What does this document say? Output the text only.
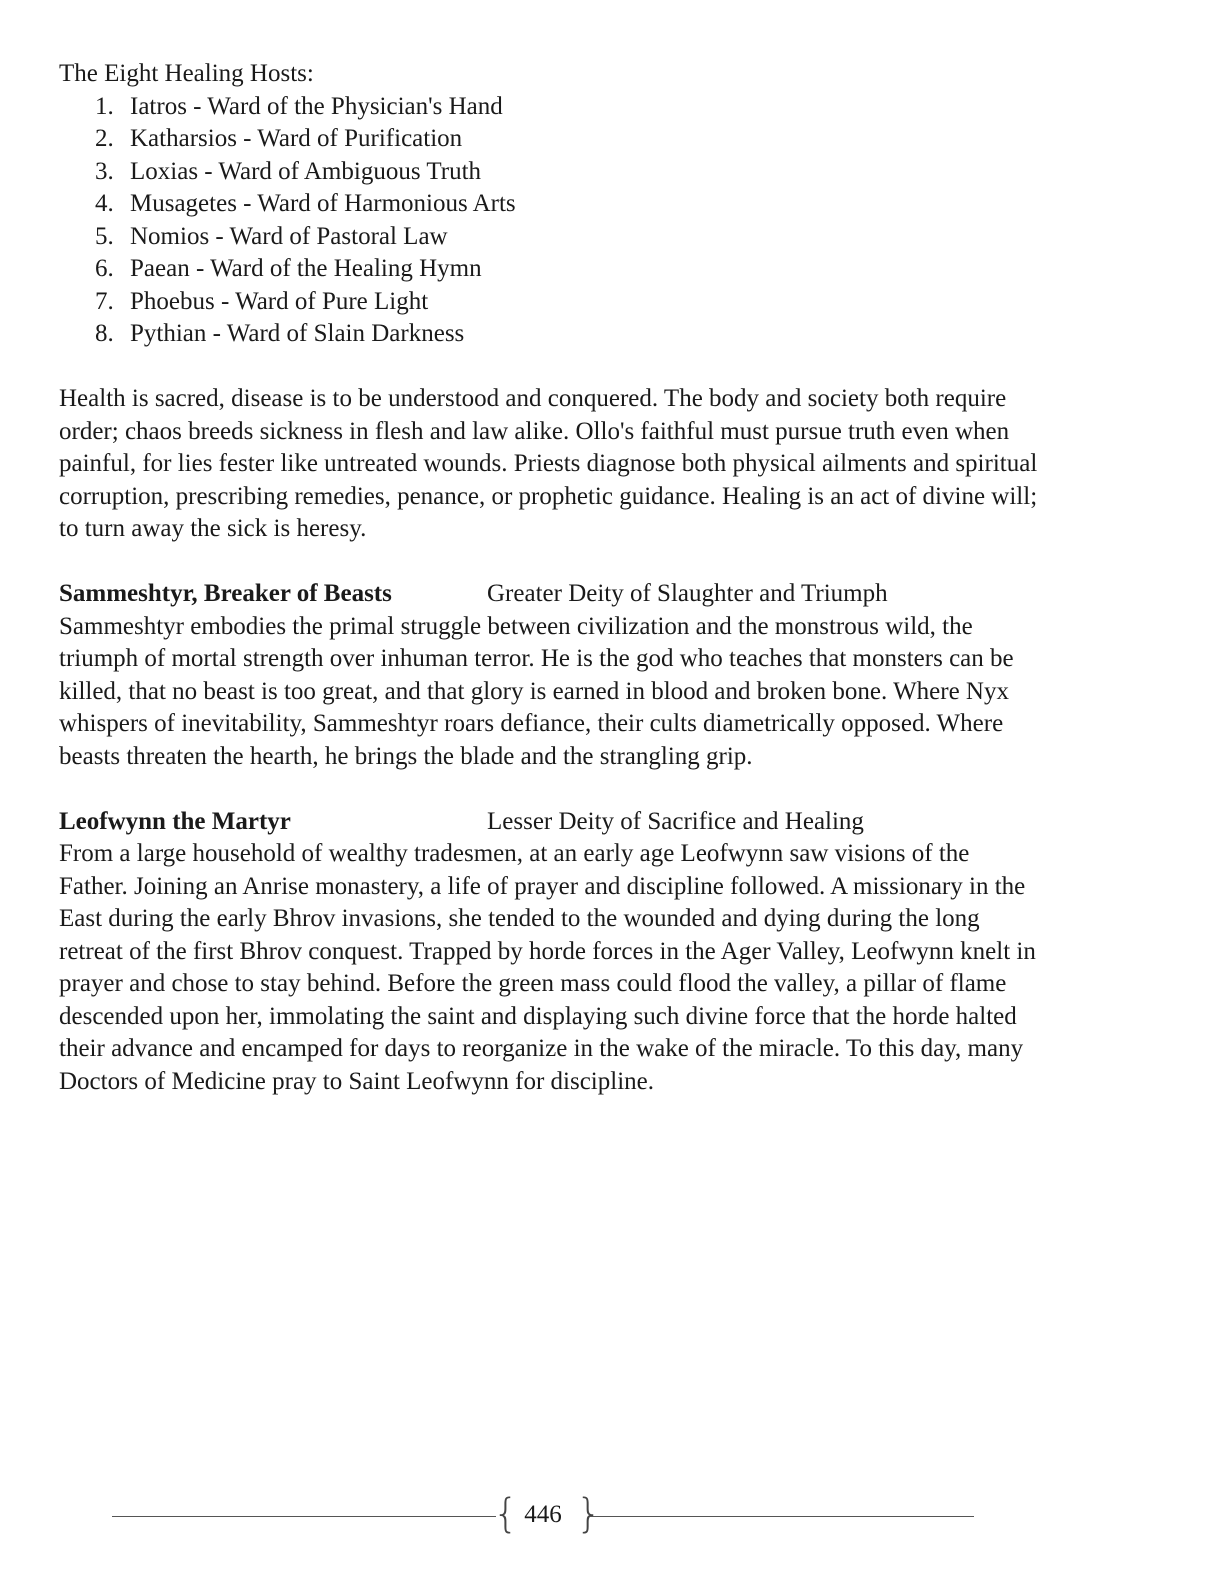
The Eight Healing Hosts:

1. Iatros - Ward of the Physician's Hand
2. Katharsios - Ward of Purification
3. Loxias - Ward of Ambiguous Truth
4. Musagetes - Ward of Harmonious Arts
5. Nomios - Ward of Pastoral Law
6. Paean - Ward of the Healing Hymn
7. Phoebus - Ward of Pure Light
8. Pythian - Ward of Slain Darkness

Health is sacred, disease is to be understood and conquered. The body and society both require order; chaos breeds sickness in flesh and law alike. Ollo's faithful must pursue truth even when painful, for lies fester like untreated wounds. Priests diagnose both physical ailments and spiritual corruption, prescribing remedies, penance, or prophetic guidance. Healing is an act of divine will; to turn away the sick is heresy.

Sammeshtyr, Breaker of Beasts	Greater Deity of Slaughter and Triumph

Sammeshtyr embodies the primal struggle between civilization and the monstrous wild, the triumph of mortal strength over inhuman terror. He is the god who teaches that monsters can be killed, that no beast is too great, and that glory is earned in blood and broken bone. Where Nyx whispers of inevitability, Sammeshtyr roars defiance, their cults diametrically opposed. Where beasts threaten the hearth, he brings the blade and the strangling grip.

Leofwynn the Martyr	Lesser Deity of Sacrifice and Healing

From a large household of wealthy tradesmen, at an early age Leofwynn saw visions of the Father. Joining an Anrise monastery, a life of prayer and discipline followed. A missionary in the East during the early Bhrov invasions, she tended to the wounded and dying during the long retreat of the first Bhrov conquest. Trapped by horde forces in the Ager Valley, Leofwynn knelt in prayer and chose to stay behind. Before the green mass could flood the valley, a pillar of flame descended upon her, immolating the saint and displaying such divine force that the horde halted their advance and encamped for days to reorganize in the wake of the miracle. To this day, many Doctors of Medicine pray to Saint Leofwynn for discipline.

{ 446 }
